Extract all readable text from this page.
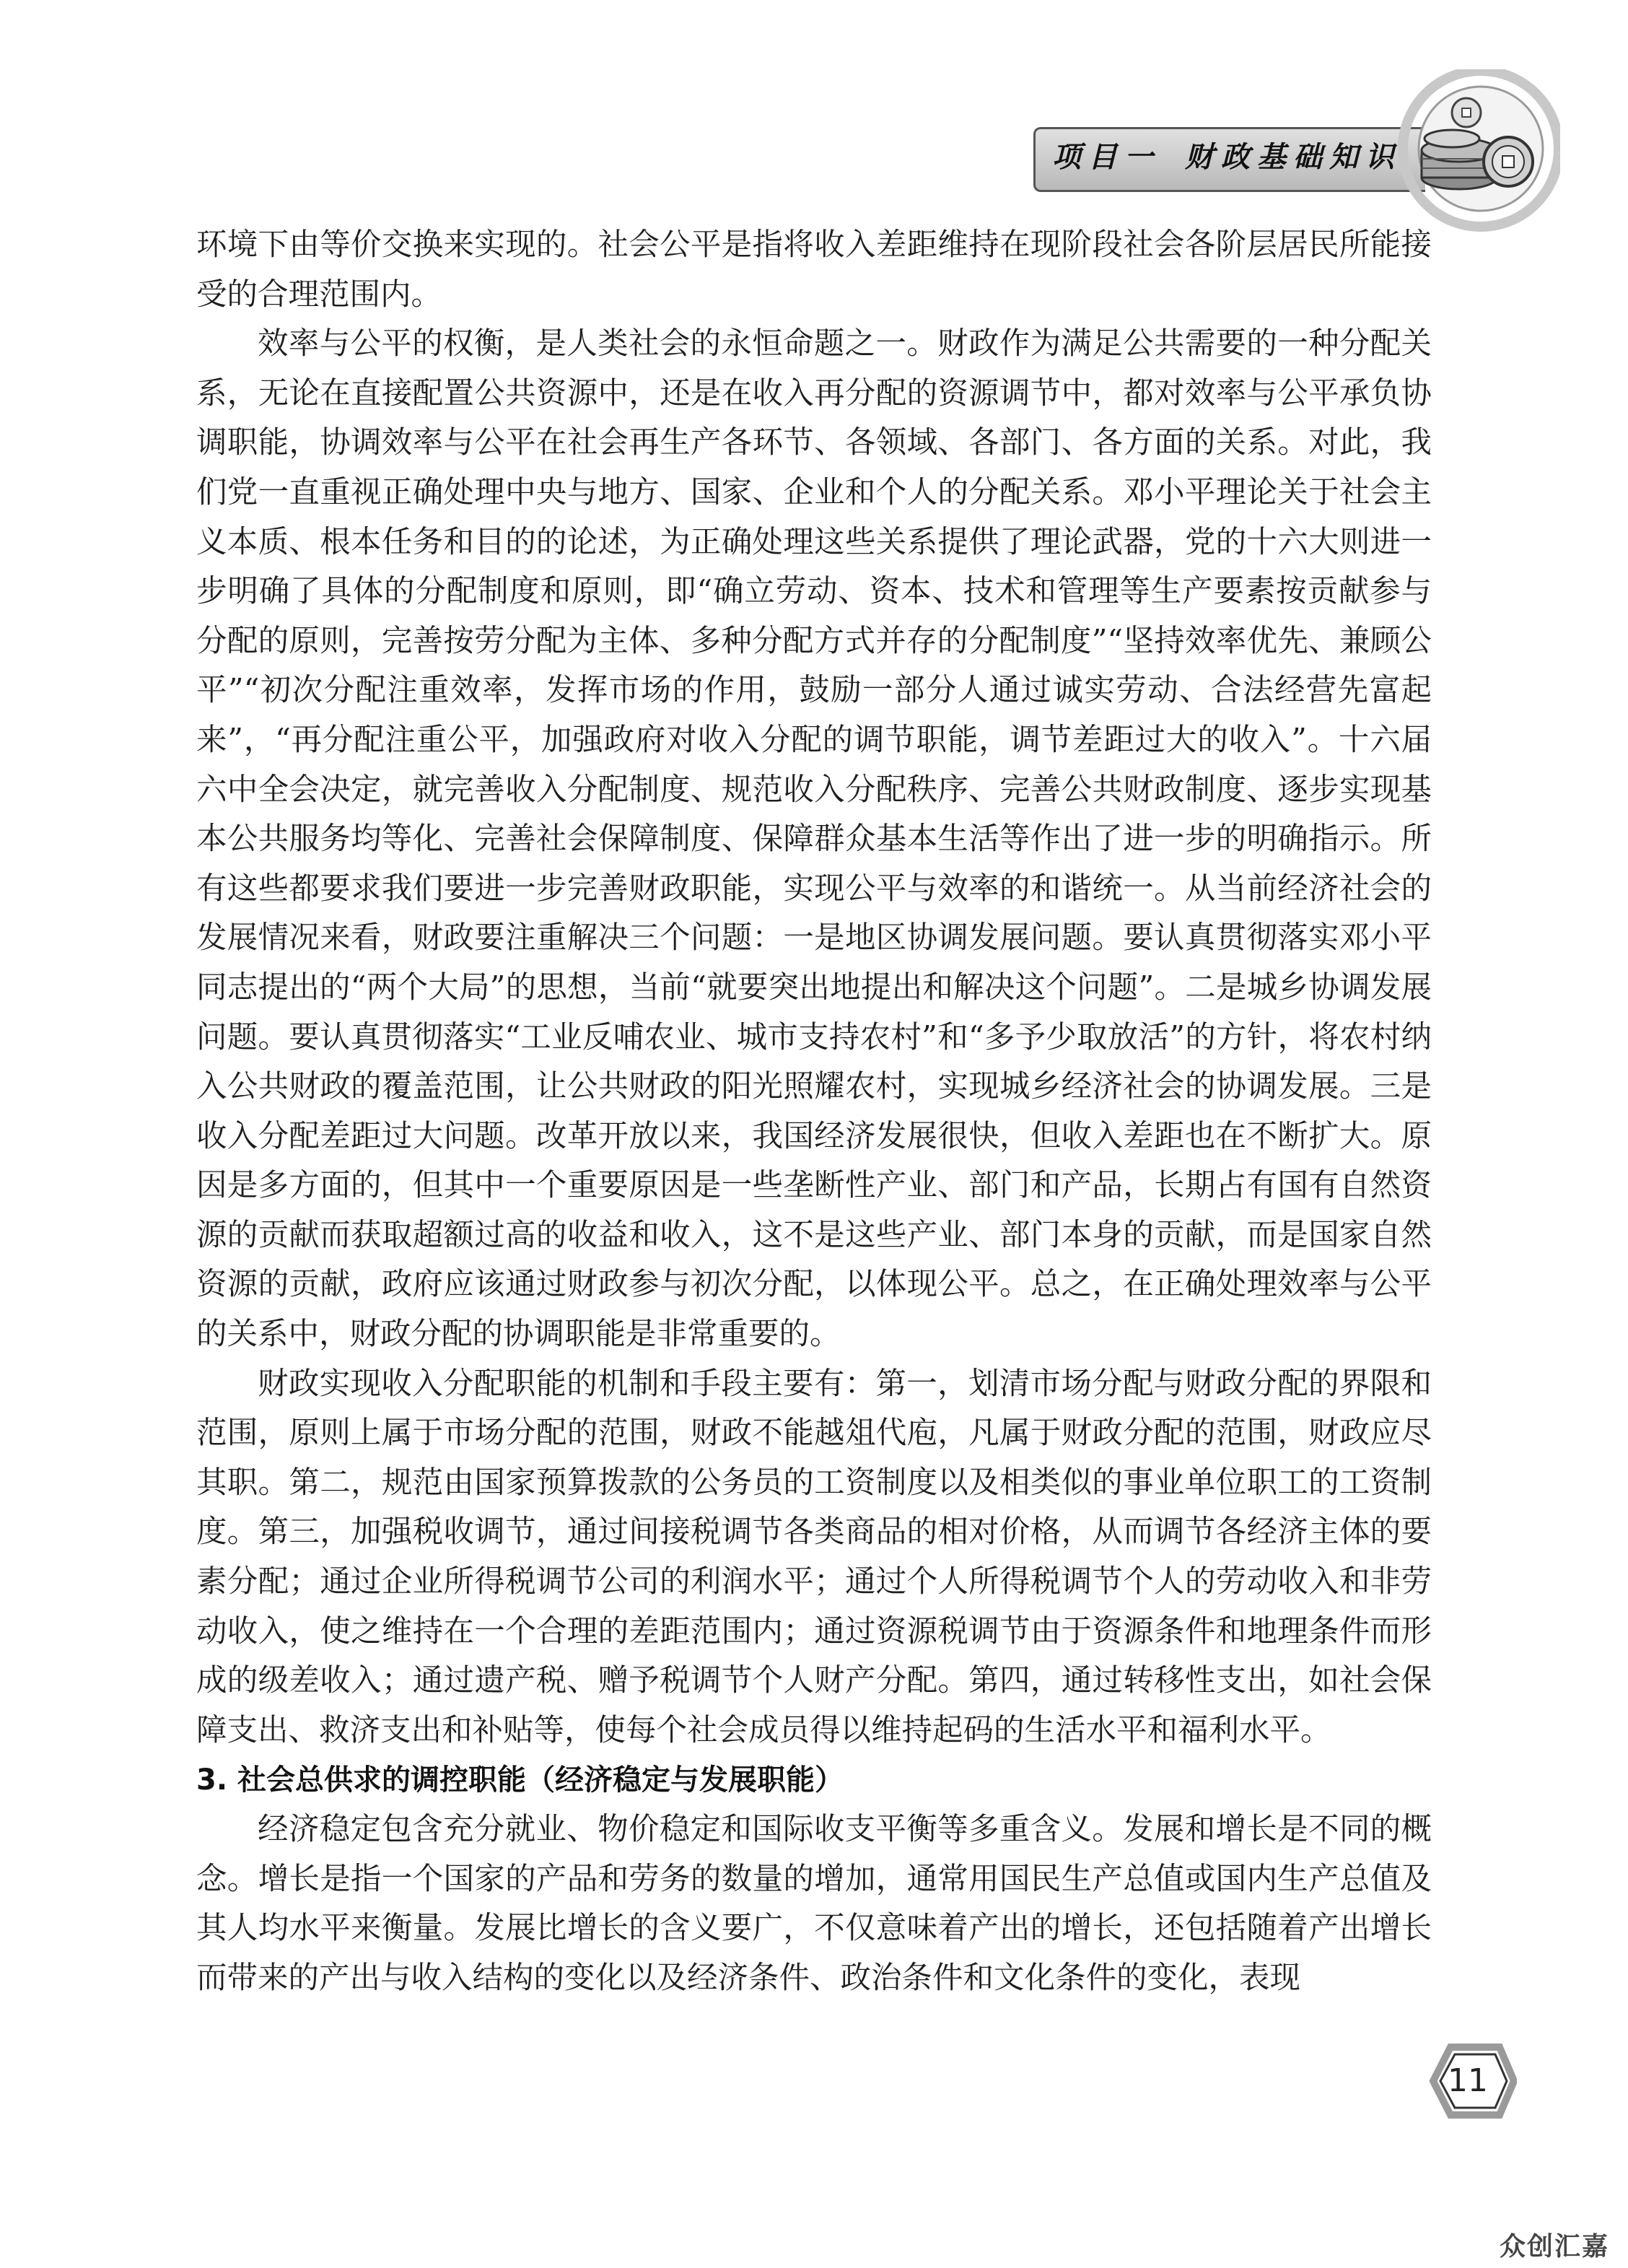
项目一 财政基础知识

环境下由等价交换来实现的。社会公平是指将收入差距维持在现阶段社会各阶层居民所能接受的合理范围内。

效率与公平的权衡，是人类社会的永恒命题之一。财政作为满足公共需要的一种分配关系，无论在直接配置公共资源中，还是在收入再分配的资源调节中，都对效率与公平承负协调职能，协调效率与公平在社会再生产各环节、各领域、各部门、各方面的关系。对此，我们党一直重视正确处理中央与地方、国家、企业和个人的分配关系。邓小平理论关于社会主义本质、根本任务和目的的论述，为正确处理这些关系提供了理论武器，党的十六大则进一步明确了具体的分配制度和原则，即“确立劳动、资本、技术和管理等生产要素按贡献参与分配的原则，完善按劳分配为主体、多种分配方式并存的分配制度”“坚持效率优先、兼顾公平”“初次分配注重效率，发挥市场的作用，鼓励一部分人通过诚实劳动、合法经营先富起来”，“再分配注重公平，加强政府对收入分配的调节职能，调节差距过大的收入”。十六届六中全会决定，就完善收入分配制度、规范收入分配秩序、完善公共财政制度、逐步实现基本公共服务均等化、完善社会保障制度、保障群众基本生活等作出了进一步的明确指示。所有这些都要求我们要进一步完善财政职能，实现公平与效率的和谐统一。从当前经济社会的发展情况来看，财政要注重解决三个问题：一是地区协调发展问题。要认真贯彻落实邓小平同志提出的“两个大局”的思想，当前“就要突出地提出和解决这个问题”。二是城乡协调发展问题。要认真贯彻落实“工业反哺农业、城市支持农村”和“多予少取放活”的方针，将农村纳入公共财政的覆盖范围，让公共财政的阳光照耀农村，实现城乡经济社会的协调发展。三是收入分配差距过大问题。改革开放以来，我国经济发展很快，但收入差距也在不断扩大。原因是多方面的，但其中一个重要原因是一些垄断性产业、部门和产品，长期占有国有自然资源的贡献而获取超额过高的收益和收入，这不是这些产业、部门本身的贡献，而是国家自然资源的贡献，政府应该通过财政参与初次分配，以体现公平。总之，在正确处理效率与公平的关系中，财政分配的协调职能是非常重要的。

财政实现收入分配职能的机制和手段主要有：第一，划清市场分配与财政分配的界限和范围，原则上属于市场分配的范围，财政不能越俎代庖，凡属于财政分配的范围，财政应尽其职。第二，规范由国家预算拨款的公务员的工资制度以及相类似的事业单位职工的工资制度。第三，加强税收调节，通过间接税调节各类商品的相对价格，从而调节各经济主体的要素分配；通过企业所得税调节公司的利润水平；通过个人所得税调节个人的劳动收入和非劳动收入，使之维持在一个合理的差距范围内；通过资源税调节由于资源条件和地理条件而形成的级差收入；通过遗产税、赠予税调节个人财产分配。第四，通过转移性支出，如社会保障支出、救济支出和补贴等，使每个社会成员得以维持起码的生活水平和福利水平。

3. 社会总供求的调控职能（经济稳定与发展职能）

经济稳定包含充分就业、物价稳定和国际收支平衡等多重含义。发展和增长是不同的概念。增长是指一个国家的产品和劳务的数量的增加，通常用国民生产总值或国内生产总值及其人均水平来衡量。发展比增长的含义要广，不仅意味着产出的增长，还包括随着产出增长而带来的产出与收入结构的变化以及经济条件、政治条件和文化条件的变化，表现

11
众创汇嘉
